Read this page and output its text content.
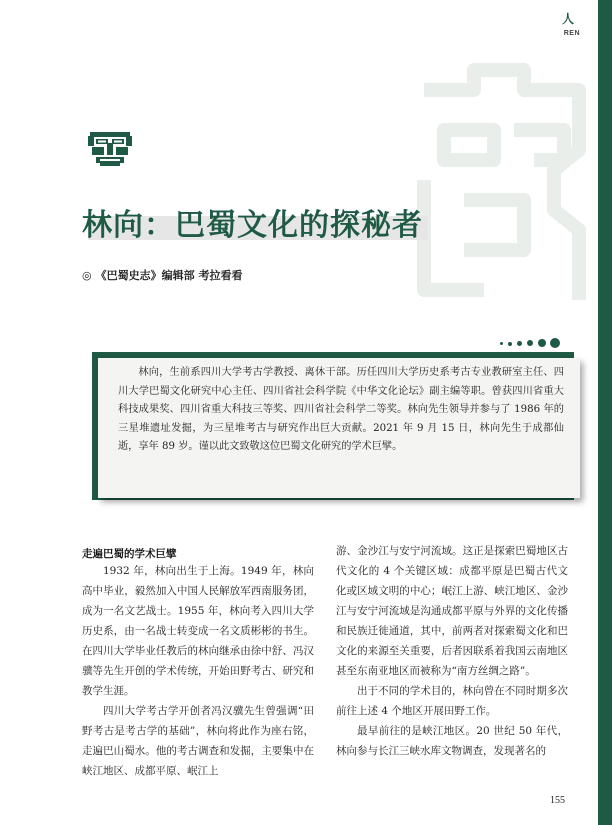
人
REN
林向：巴蜀文化的探秘者
◎ 《巴蜀史志》编辑部 考拉看看

林向，生前系四川大学考古学教授、离休干部。历任四川大学历史系考古专业教研室主任、四川大学巴蜀文化研究中心主任、四川省社会科学院《中华文化论坛》副主编等职。曾获四川省重大科技成果奖、四川省重大科技三等奖、四川省社会科学二等奖。林向先生领导并参与了 1986 年的三星堆遗址发掘，为三星堆考古与研究作出巨大贡献。2021 年 9 月 15 日，林向先生于成都仙逝，享年 89 岁。谨以此文致敬这位巴蜀文化研究的学术巨擘。

走遍巴蜀的学术巨擘

1932 年，林向出生于上海。1949 年，林向高中毕业，毅然加入中国人民解放军西南服务团，成为一名文艺战士。1955 年，林向考入四川大学历史系，由一名战士转变成一名文质彬彬的书生。在四川大学毕业任教后的林向继承由徐中舒、冯汉骥等先生开创的学术传统，开始田野考古、研究和教学生涯。

四川大学考古学开创者冯汉骥先生曾强调“田野考古是考古学的基础”，林向将此作为座右铭，走遍巴山蜀水。他的考古调查和发掘，主要集中在峡江地区、成都平原、岷江上

游、金沙江与安宁河流域。这正是探索巴蜀地区古代文化的 4 个关键区域：成都平原是巴蜀古代文化或区域文明的中心；岷江上游、峡江地区、金沙江与安宁河流域是沟通成都平原与外界的文化传播和民族迁徙通道，其中，前两者对探索蜀文化和巴文化的来源至关重要，后者因联系着我国云南地区甚至东南亚地区而被称为“南方丝绸之路”。

出于不同的学术目的，林向曾在不同时期多次前往上述 4 个地区开展田野工作。

最早前往的是峡江地区。20 世纪 50 年代，林向参与长江三峡水库文物调查，发现著名的

155
